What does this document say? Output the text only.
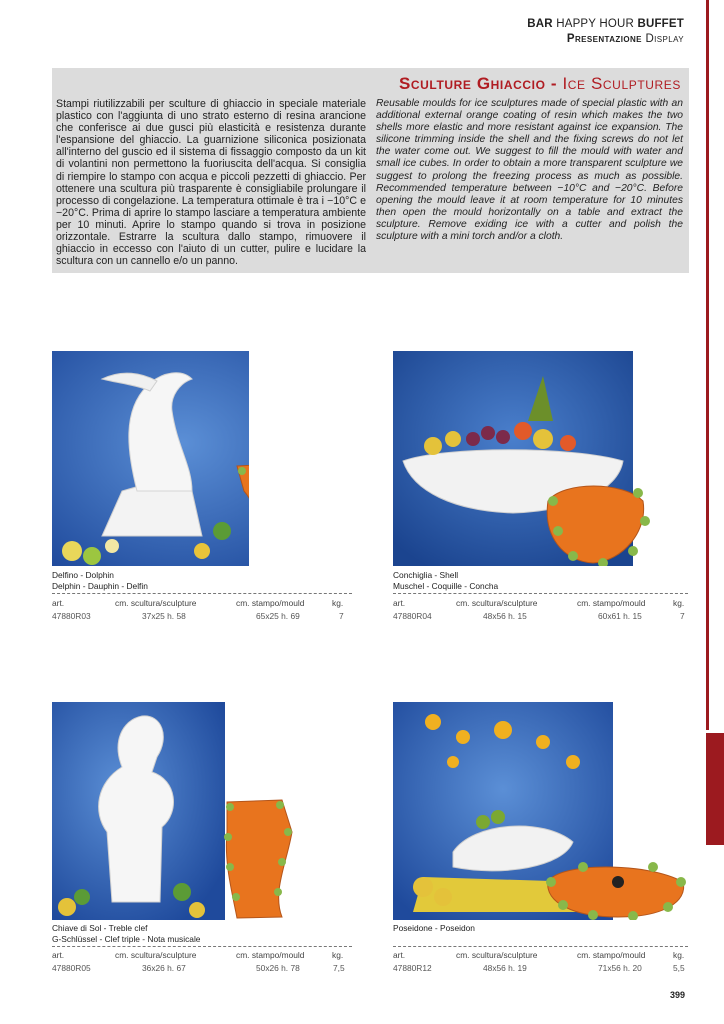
BAR HAPPY HOUR BUFFET
Presentazione Display
Sculture Ghiaccio - Ice Sculptures
Stampi riutilizzabili per sculture di ghiaccio in speciale materiale plastico con l'aggiunta di uno strato esterno di resina arancione che conferisce ai due gusci più elasticità e resistenza durante l'espansione del ghiaccio. La guarnizione siliconica posizionata all'interno del guscio ed il sistema di fissaggio composto da un kit di volantini non permettono la fuoriuscita dell'acqua. Si consiglia di riempire lo stampo con acqua e piccoli pezzetti di ghiaccio. Per ottenere una scultura più trasparente è consigliabile prolungare il processo di congelazione. La temperatura ottimale è tra i −10°C e −20°C. Prima di aprire lo stampo lasciare a temperatura ambiente per 10 minuti. Aprire lo stampo quando si trova in posizione orizzontale. Estrarre la scultura dallo stampo, rimuovere il ghiaccio in eccesso con l'aiuto di un cutter, pulire e lucidare la scultura con un cannello e/o un panno.
Reusable moulds for ice sculptures made of special plastic with an additional external orange coating of resin which makes the two shells more elastic and more resistant against ice expansion. The silicone trimming inside the shell and the fixing screws do not let the water come out. We suggest to fill the mould with water and small ice cubes. In order to obtain a more transparent sculpture we suggest to prolong the freezing process as much as possible. Recommended temperature between −10°C and −20°C. Before opening the mould leave it at room temperature for 10 minutes then open the mould horizontally on a table and extract the sculpture. Remove exiding ice with a cutter and polish the sculpture with a mini torch and/or a cloth.
Delfino - Dolphin
Delphin - Dauphin - Delfin
art.	cm. scultura/sculpture	cm. stampo/mould	kg.
47880R03	37x25 h. 58	65x25 h. 69	7
Conchiglia - Shell
Muschel - Coquille - Concha
art.	cm. scultura/sculpture	cm. stampo/mould	kg.
47880R04	48x56 h. 15	60x61 h. 15	7
Chiave di Sol - Treble clef
G-Schlüssel - Clef triple - Nota musicale
art.	cm. scultura/sculpture	cm. stampo/mould	kg.
47880R05	36x26 h. 67	50x26 h. 78	7,5
Poseidone - Poseidon
art.	cm. scultura/sculpture	cm. stampo/mould	kg.
47880R12	48x56 h. 19	71x56 h. 20	5,5
399
